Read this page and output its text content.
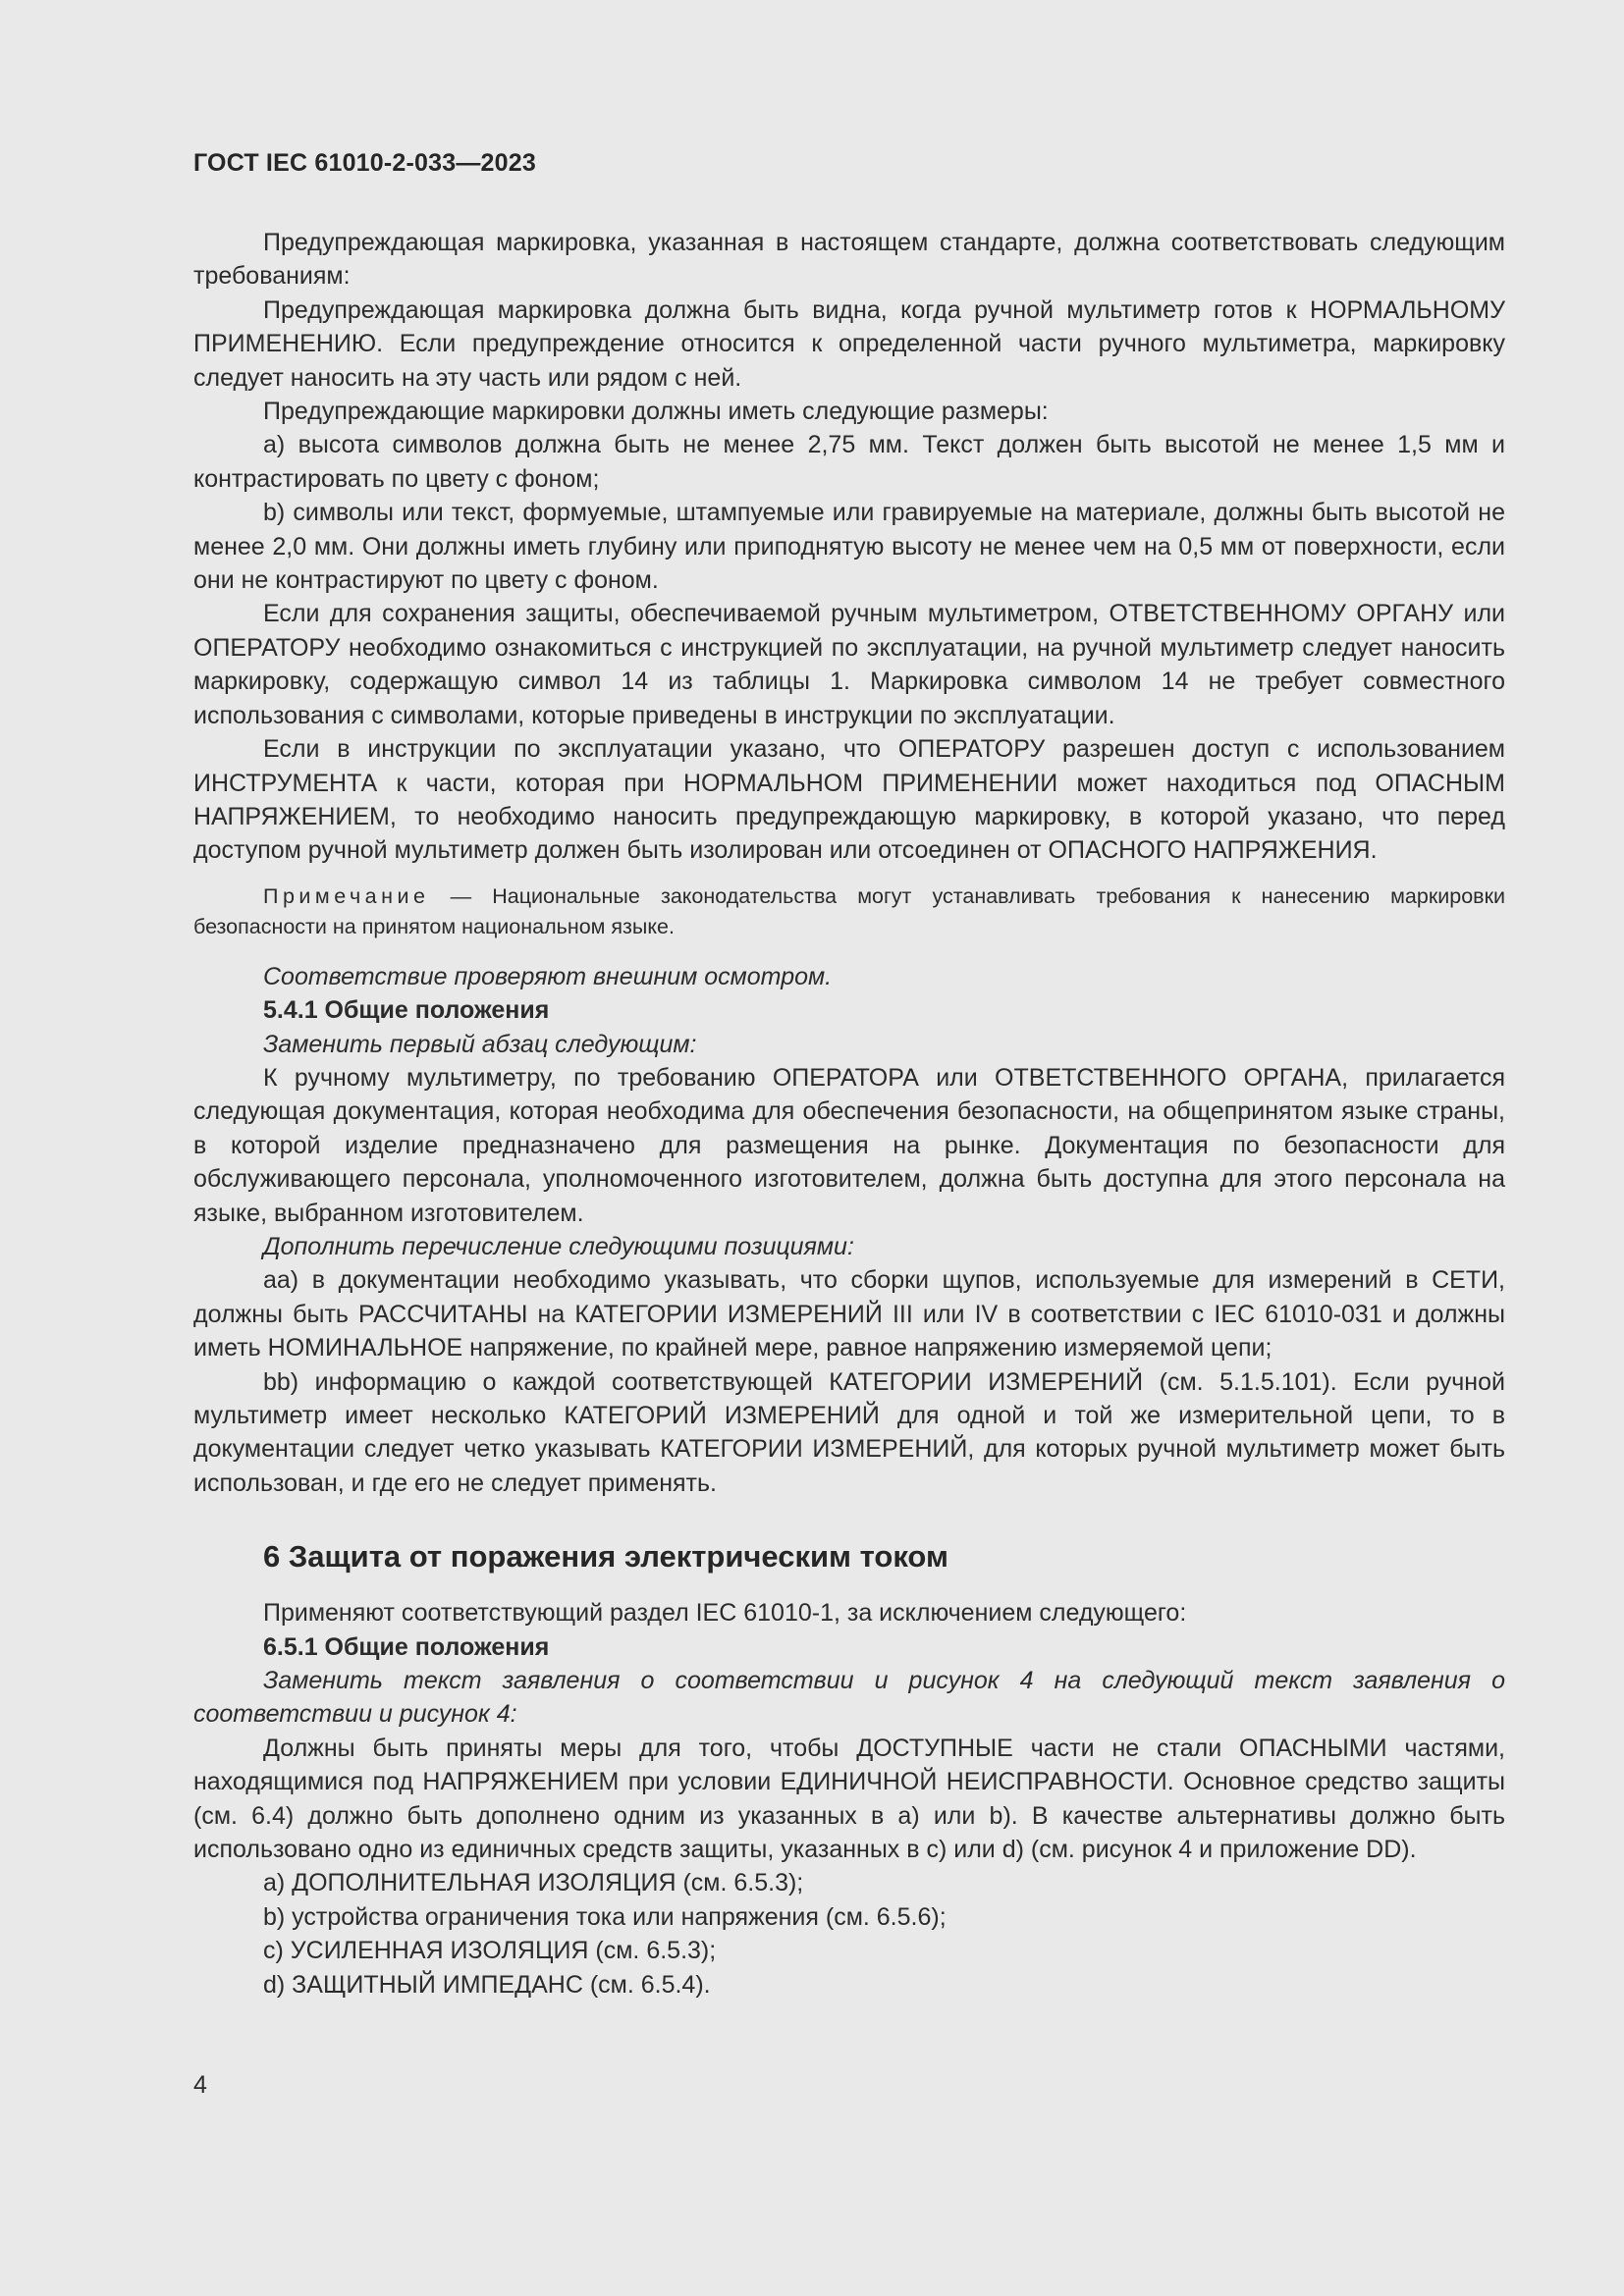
ГОСТ IEC 61010-2-033—2023

Предупреждающая маркировка, указанная в настоящем стандарте, должна соответствовать следующим требованиям:

Предупреждающая маркировка должна быть видна, когда ручной мультиметр готов к НОРМАЛЬНОМУ ПРИМЕНЕНИЮ. Если предупреждение относится к определенной части ручного мультиметра, маркировку следует наносить на эту часть или рядом с ней.

Предупреждающие маркировки должны иметь следующие размеры:

a) высота символов должна быть не менее 2,75 мм. Текст должен быть высотой не менее 1,5 мм и контрастировать по цвету с фоном;

b) символы или текст, формуемые, штампуемые или гравируемые на материале, должны быть высотой не менее 2,0 мм. Они должны иметь глубину или приподнятую высоту не менее чем на 0,5 мм от поверхности, если они не контрастируют по цвету с фоном.

Если для сохранения защиты, обеспечиваемой ручным мультиметром, ОТВЕТСТВЕННОМУ ОРГАНУ или ОПЕРАТОРУ необходимо ознакомиться с инструкцией по эксплуатации, на ручной мультиметр следует наносить маркировку, содержащую символ 14 из таблицы 1. Маркировка символом 14 не требует совместного использования с символами, которые приведены в инструкции по эксплуатации.

Если в инструкции по эксплуатации указано, что ОПЕРАТОРУ разрешен доступ с использованием ИНСТРУМЕНТА к части, которая при НОРМАЛЬНОМ ПРИМЕНЕНИИ может находиться под ОПАСНЫМ НАПРЯЖЕНИЕМ, то необходимо наносить предупреждающую маркировку, в которой указано, что перед доступом ручной мультиметр должен быть изолирован или отсоединен от ОПАСНОГО НАПРЯЖЕНИЯ.

Примечание — Национальные законодательства могут устанавливать требования к нанесению маркировки безопасности на принятом национальном языке.

Соответствие проверяют внешним осмотром.

5.4.1 Общие положения

Заменить первый абзац следующим:

К ручному мультиметру, по требованию ОПЕРАТОРА или ОТВЕТСТВЕННОГО ОРГАНА, прилагается следующая документация, которая необходима для обеспечения безопасности, на общепринятом языке страны, в которой изделие предназначено для размещения на рынке. Документация по безопасности для обслуживающего персонала, уполномоченного изготовителем, должна быть доступна для этого персонала на языке, выбранном изготовителем.

Дополнить перечисление следующими позициями:

aa) в документации необходимо указывать, что сборки щупов, используемые для измерений в СЕТИ, должны быть РАССЧИТАНЫ на КАТЕГОРИИ ИЗМЕРЕНИЙ III или IV в соответствии с IEC 61010-031 и должны иметь НОМИНАЛЬНОЕ напряжение, по крайней мере, равное напряжению измеряемой цепи;

bb) информацию о каждой соответствующей КАТЕГОРИИ ИЗМЕРЕНИЙ (см. 5.1.5.101). Если ручной мультиметр имеет несколько КАТЕГОРИЙ ИЗМЕРЕНИЙ для одной и той же измерительной цепи, то в документации следует четко указывать КАТЕГОРИИ ИЗМЕРЕНИЙ, для которых ручной мультиметр может быть использован, и где его не следует применять.

6 Защита от поражения электрическим током

Применяют соответствующий раздел IEC 61010-1, за исключением следующего:

6.5.1 Общие положения

Заменить текст заявления о соответствии и рисунок 4 на следующий текст заявления о соответствии и рисунок 4:

Должны быть приняты меры для того, чтобы ДОСТУПНЫЕ части не стали ОПАСНЫМИ частями, находящимися под НАПРЯЖЕНИЕМ при условии ЕДИНИЧНОЙ НЕИСПРАВНОСТИ. Основное средство защиты (см. 6.4) должно быть дополнено одним из указанных в a) или b). В качестве альтернативы должно быть использовано одно из единичных средств защиты, указанных в c) или d) (см. рисунок 4 и приложение DD).

a) ДОПОЛНИТЕЛЬНАЯ ИЗОЛЯЦИЯ (см. 6.5.3);

b) устройства ограничения тока или напряжения (см. 6.5.6);

c) УСИЛЕННАЯ ИЗОЛЯЦИЯ (см. 6.5.3);

d) ЗАЩИТНЫЙ ИМПЕДАНС (см. 6.5.4).

4
